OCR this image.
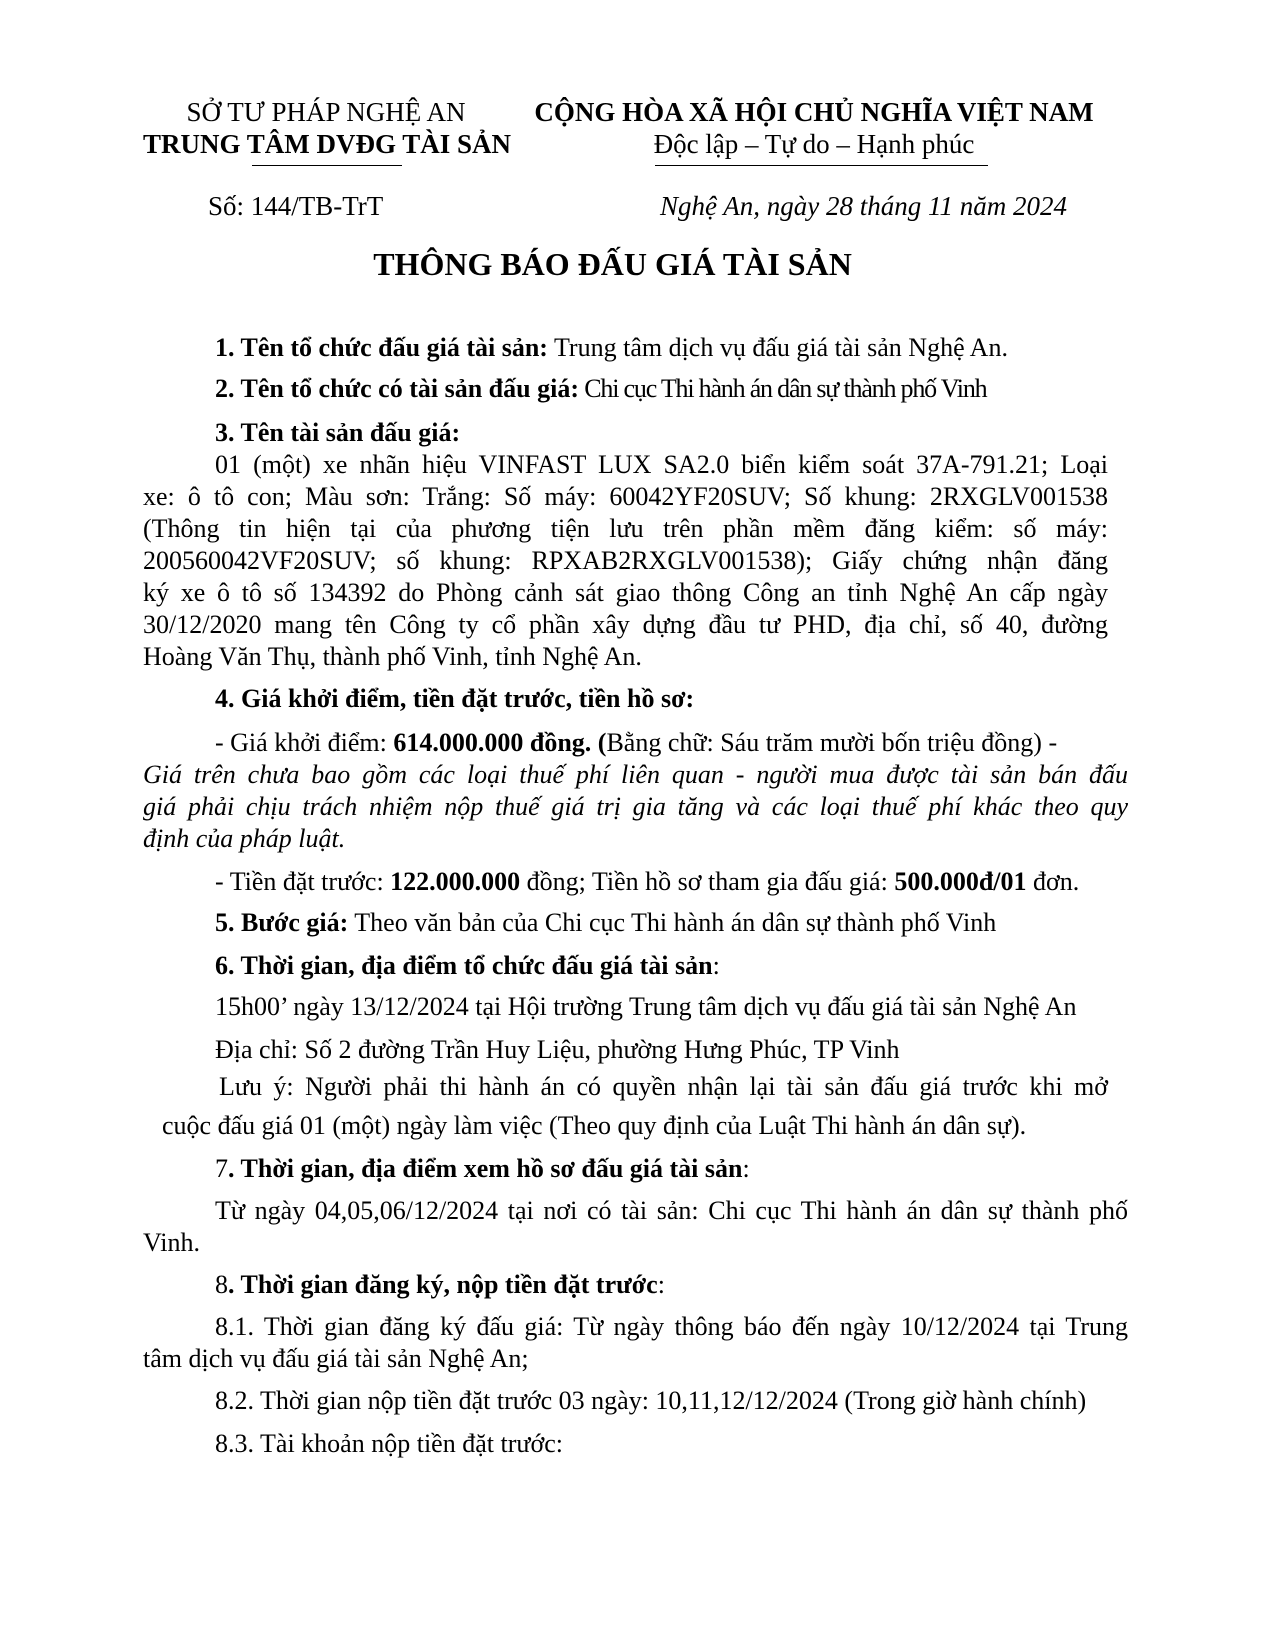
SỞ TƯ PHÁP NGHỆ AN
TRUNG TÂM DVĐG TÀI SẢN
CỘNG HÒA XÃ HỘI CHỦ NGHĨA VIỆT NAM
Độc lập – Tự do – Hạnh phúc
Số: 144/TB-TrT	Nghệ An, ngày 28 tháng 11 năm 2024
THÔNG BÁO ĐẤU GIÁ TÀI SẢN
1. Tên tổ chức đấu giá tài sản: Trung tâm dịch vụ đấu giá tài sản Nghệ An.
2. Tên tổ chức có tài sản đấu giá: Chi cục Thi hành án dân sự thành phố Vinh
3. Tên tài sản đấu giá:
01 (một) xe nhãn hiệu VINFAST LUX SA2.0 biển kiểm soát 37A-791.21; Loại
xe: ô tô con; Màu sơn: Trắng: Số máy: 60042YF20SUV; Số khung: 2RXGLV001538
(Thông tin hiện tại của phương tiện lưu trên phần mềm đăng kiểm: số máy:
200560042VF20SUV; số khung: RPXAB2RXGLV001538); Giấy chứng nhận đăng
ký xe ô tô số 134392 do Phòng cảnh sát giao thông Công an tỉnh Nghệ An cấp ngày
30/12/2020 mang tên Công ty cổ phần xây dựng đầu tư PHD, địa chỉ, số 40, đường
Hoàng Văn Thụ, thành phố Vinh, tỉnh Nghệ An.
4. Giá khởi điểm, tiền đặt trước, tiền hồ sơ:
- Giá khởi điểm: 614.000.000 đồng. (Bằng chữ: Sáu trăm mười bốn triệu đồng) -
Giá trên chưa bao gồm các loại thuế phí liên quan - người mua được tài sản bán đấu
giá phải chịu trách nhiệm nộp thuế giá trị gia tăng và các loại thuế phí khác theo quy
định của pháp luật.
- Tiền đặt trước: 122.000.000 đồng; Tiền hồ sơ tham gia đấu giá: 500.000đ/01 đơn.
5. Bước giá: Theo văn bản của Chi cục Thi hành án dân sự thành phố Vinh
6. Thời gian, địa điểm tổ chức đấu giá tài sản:
15h00’ ngày 13/12/2024 tại Hội trường Trung tâm dịch vụ đấu giá tài sản Nghệ An
Địa chỉ: Số 2 đường Trần Huy Liệu, phường Hưng Phúc, TP Vinh
Lưu ý: Người phải thi hành án có quyền nhận lại tài sản đấu giá trước khi mở
cuộc đấu giá 01 (một) ngày làm việc (Theo quy định của Luật Thi hành án dân sự).
7. Thời gian, địa điểm xem hồ sơ đấu giá tài sản:
Từ ngày 04,05,06/12/2024 tại nơi có tài sản: Chi cục Thi hành án dân sự thành phố
Vinh.
8. Thời gian đăng ký, nộp tiền đặt trước:
8.1. Thời gian đăng ký đấu giá: Từ ngày thông báo đến ngày 10/12/2024 tại Trung
tâm dịch vụ đấu giá tài sản Nghệ An;
8.2. Thời gian nộp tiền đặt trước 03 ngày: 10,11,12/12/2024 (Trong giờ hành chính)
8.3. Tài khoản nộp tiền đặt trước:
